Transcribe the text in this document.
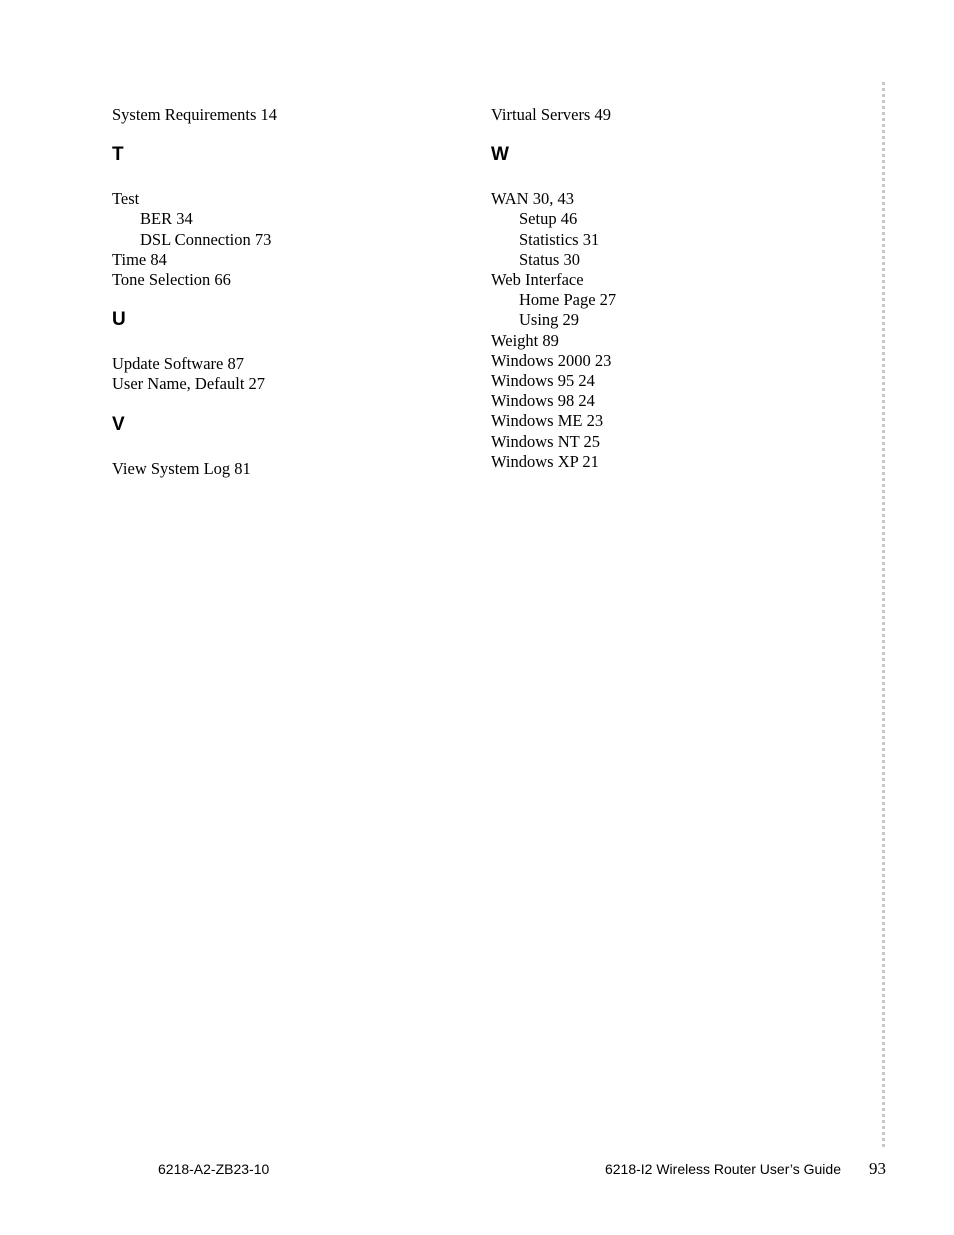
System Requirements 14
T
Test
BER 34
DSL Connection 73
Time 84
Tone Selection 66
U
Update Software 87
User Name, Default 27
V
View System Log 81
Virtual Servers 49
W
WAN 30, 43
Setup 46
Statistics 31
Status 30
Web Interface
Home Page 27
Using 29
Weight 89
Windows 2000 23
Windows 95 24
Windows 98 24
Windows ME 23
Windows NT 25
Windows XP 21
6218-A2-ZB23-10	6218-I2 Wireless Router User’s Guide 93
